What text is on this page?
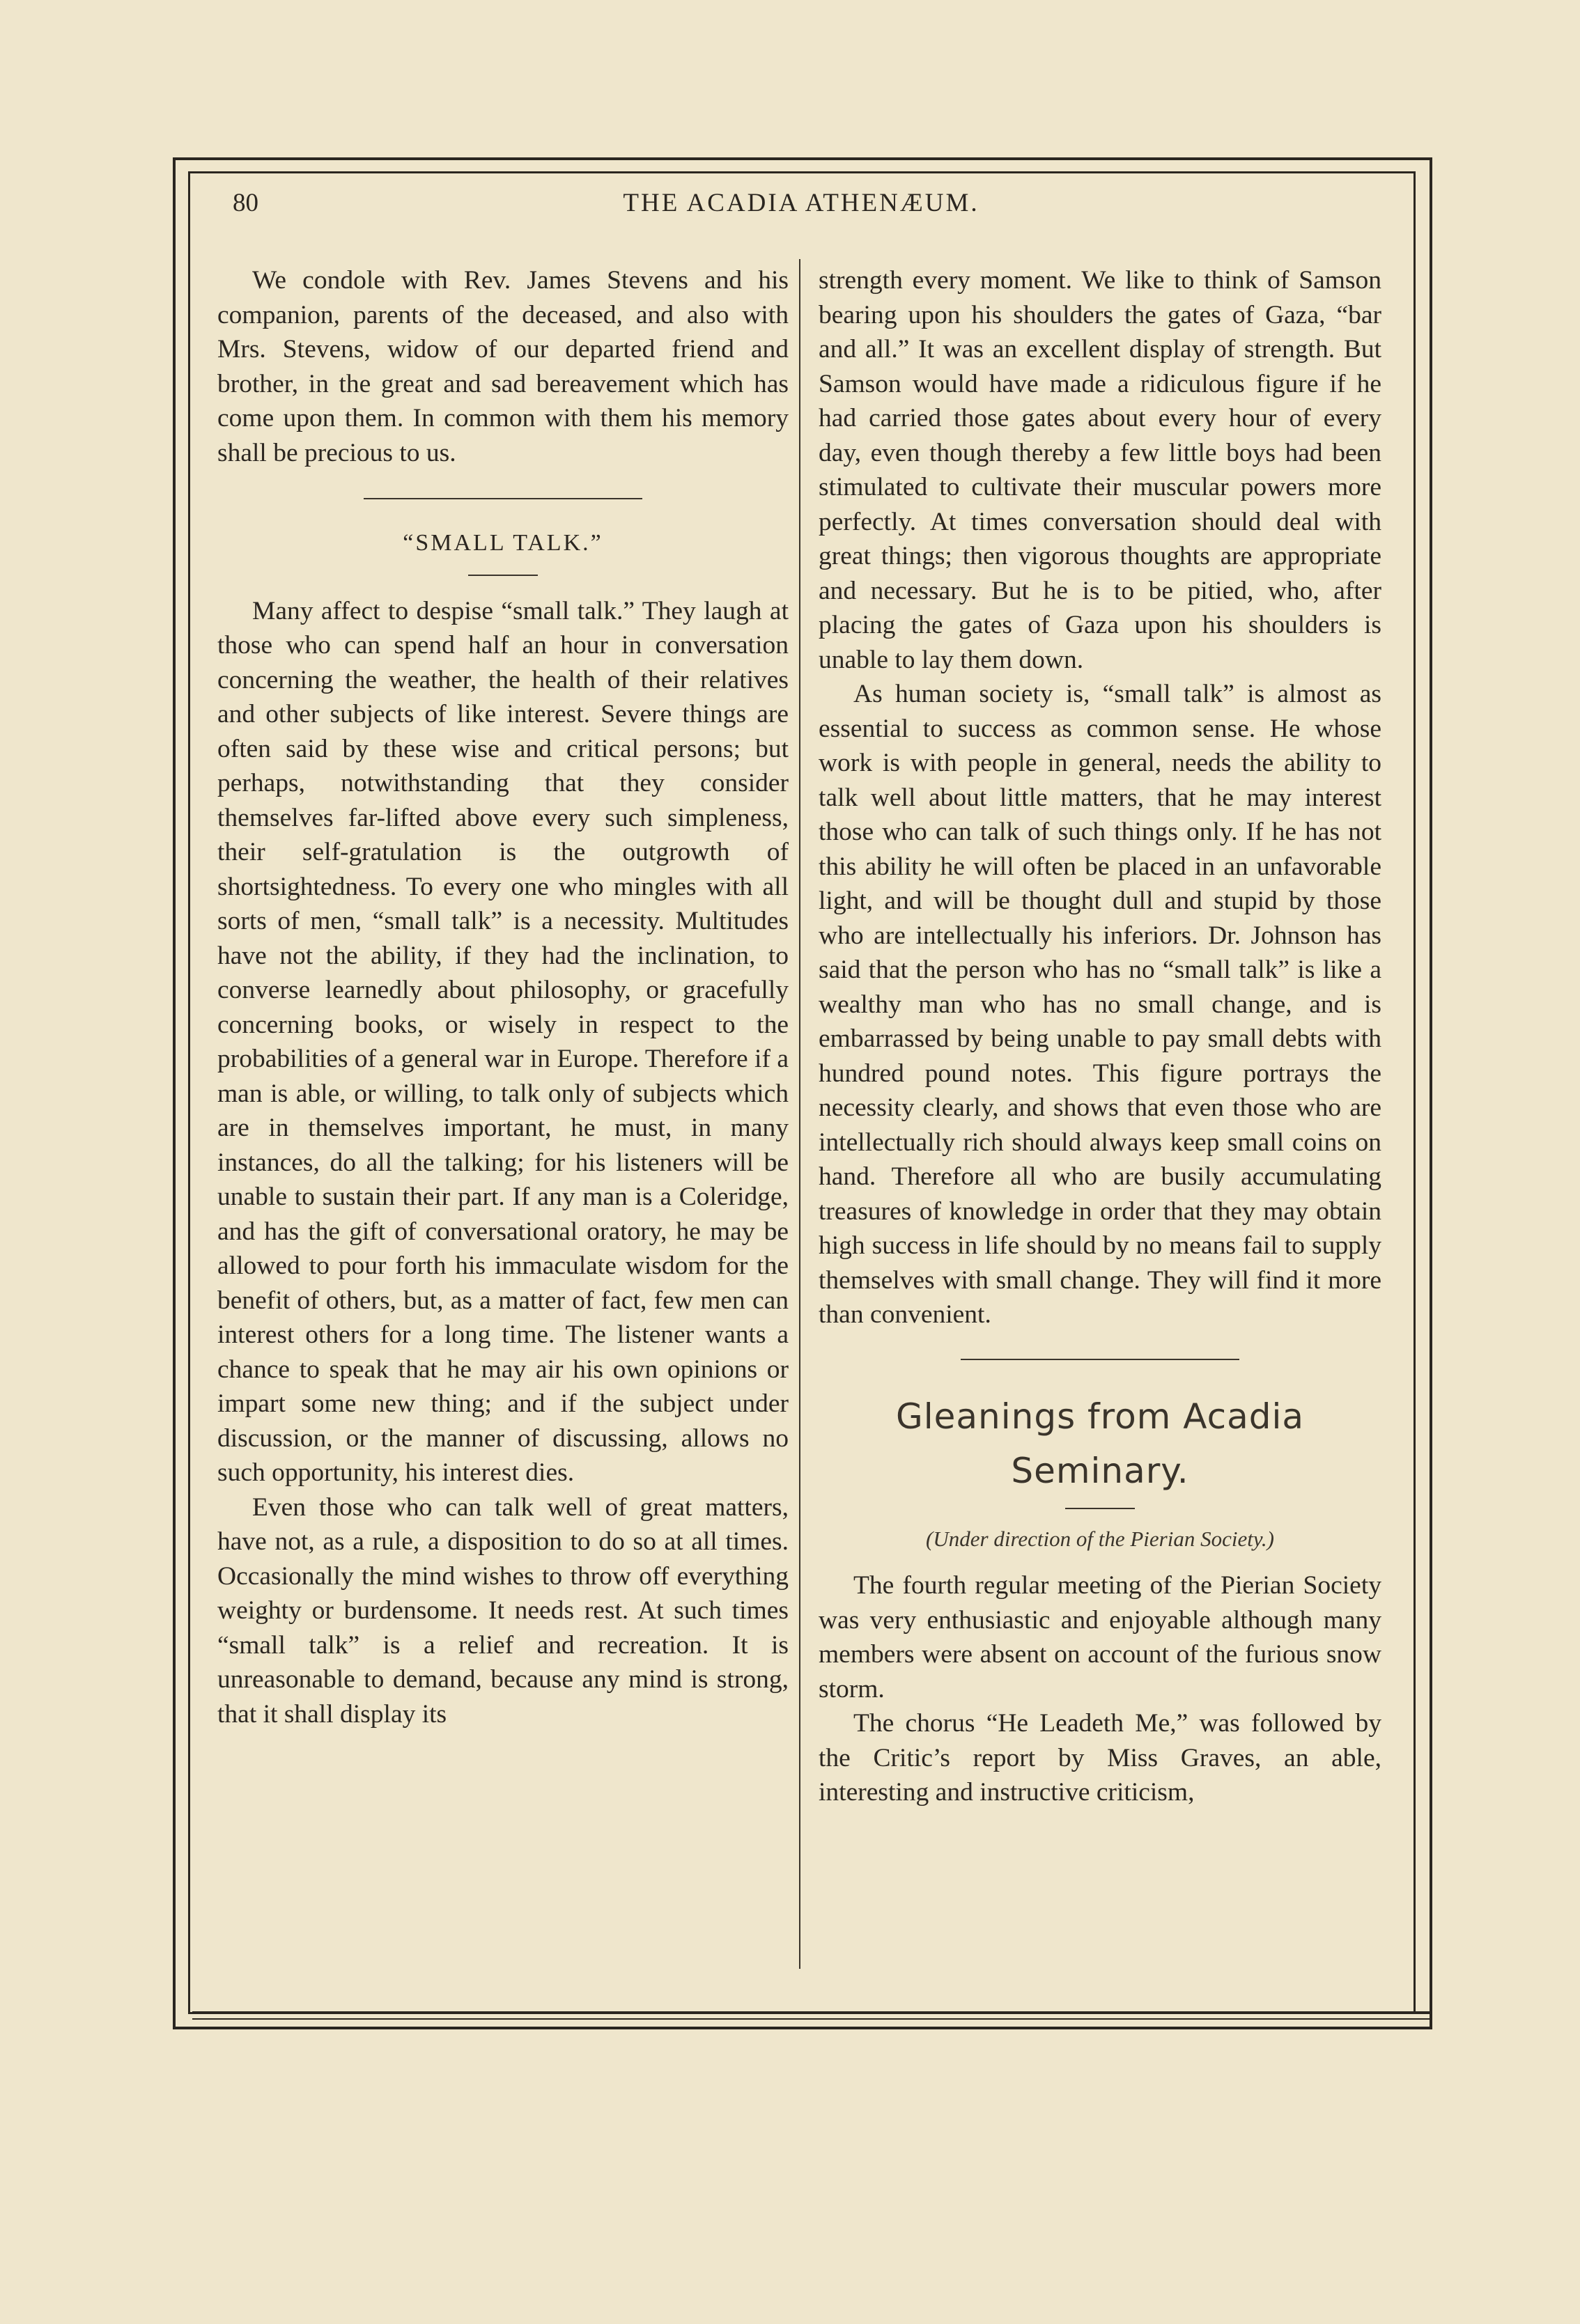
80	THE ACADIA ATHENÆUM.

We condole with Rev. James Stevens and his companion, parents of the deceased, and also with Mrs. Stevens, widow of our departed friend and brother, in the great and sad bereavement which has come upon them. In common with them his memory shall be precious to us.

“SMALL TALK.”

Many affect to despise “small talk.” They laugh at those who can spend half an hour in conversation concerning the weather, the health of their relatives and other subjects of like interest. Severe things are often said by these wise and critical persons; but perhaps, notwithstanding that they consider themselves far-lifted above every such simpleness, their self-gratulation is the outgrowth of shortsightedness. To every one who mingles with all sorts of men, “small talk” is a necessity. Multitudes have not the ability, if they had the inclination, to converse learnedly about philosophy, or gracefully concerning books, or wisely in respect to the probabilities of a general war in Europe. Therefore if a man is able, or willing, to talk only of subjects which are in themselves important, he must, in many instances, do all the talking; for his listeners will be unable to sustain their part. If any man is a Coleridge, and has the gift of conversational oratory, he may be allowed to pour forth his immaculate wisdom for the benefit of others, but, as a matter of fact, few men can interest others for a long time. The listener wants a chance to speak that he may air his own opinions or impart some new thing; and if the subject under discussion, or the manner of discussing, allows no such opportunity, his interest dies.

Even those who can talk well of great matters, have not, as a rule, a disposition to do so at all times. Occasionally the mind wishes to throw off everything weighty or burdensome. It needs rest. At such times “small talk” is a relief and recreation. It is unreasonable to demand, because any mind is strong, that it shall display its

strength every moment. We like to think of Samson bearing upon his shoulders the gates of Gaza, “bar and all.” It was an excellent display of strength. But Samson would have made a ridiculous figure if he had carried those gates about every hour of every day, even though thereby a few little boys had been stimulated to cultivate their muscular powers more perfectly. At times conversation should deal with great things; then vigorous thoughts are appropriate and necessary. But he is to be pitied, who, after placing the gates of Gaza upon his shoulders is unable to lay them down.

As human society is, “small talk” is almost as essential to success as common sense. He whose work is with people in general, needs the ability to talk well about little matters, that he may interest those who can talk of such things only. If he has not this ability he will often be placed in an unfavorable light, and will be thought dull and stupid by those who are intellectually his inferiors. Dr. Johnson has said that the person who has no “small talk” is like a wealthy man who has no small change, and is embarrassed by being unable to pay small debts with hundred pound notes. This figure portrays the necessity clearly, and shows that even those who are intellectually rich should always keep small coins on hand. Therefore all who are busily accumulating treasures of knowledge in order that they may obtain high success in life should by no means fail to supply themselves with small change. They will find it more than convenient.

Gleanings from Acadia
Seminary.
(Under direction of the Pierian Society.)

The fourth regular meeting of the Pierian Society was very enthusiastic and enjoyable although many members were absent on account of the furious snow storm.

The chorus “He Leadeth Me,” was followed by the Critic’s report by Miss Graves, an able, interesting and instructive criticism,
